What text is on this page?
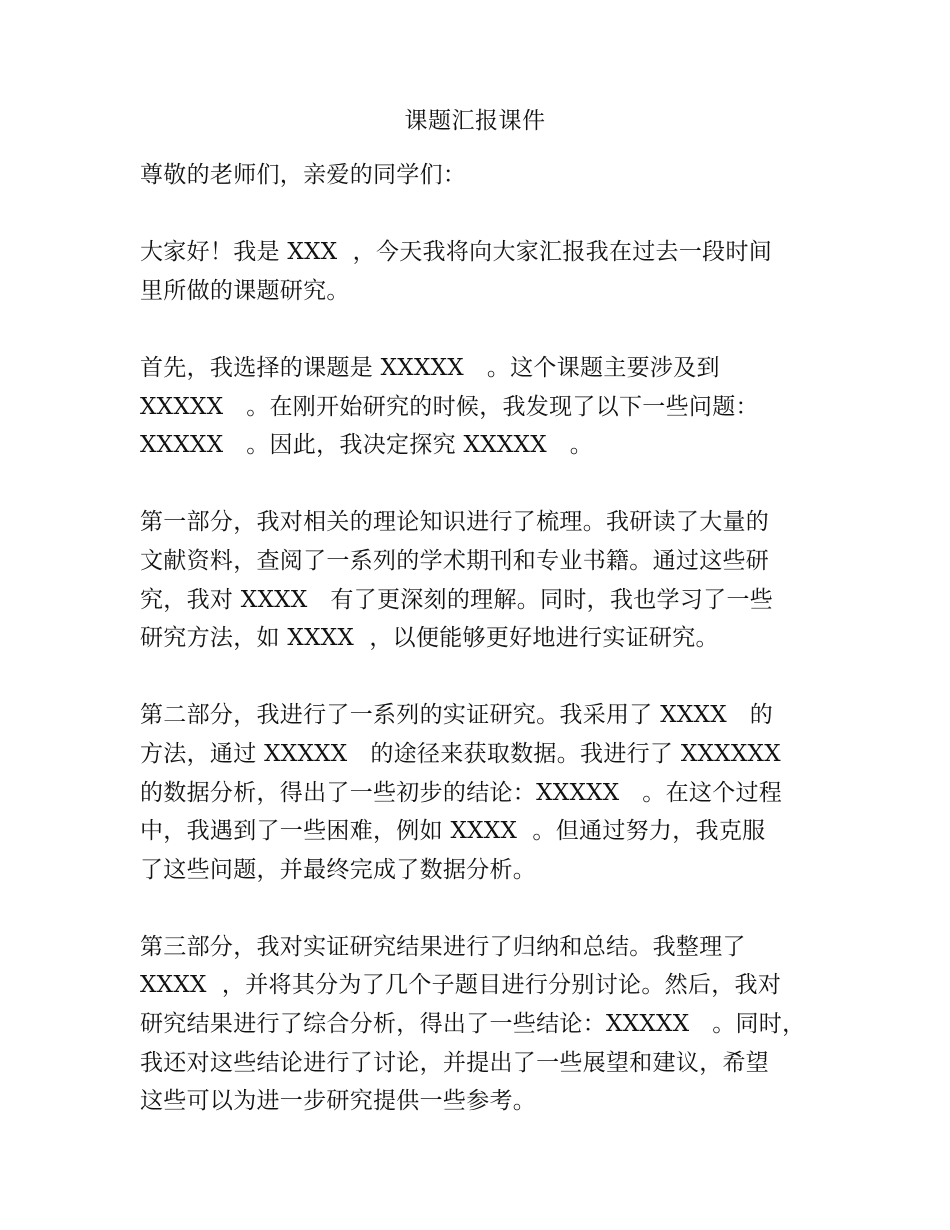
课题汇报课件
尊敬的老师们，亲爱的同学们：
大家好！我是 XXX  ，今天我将向大家汇报我在过去一段时间
里所做的课题研究。
首先，我选择的课题是 XXXXX   。这个课题主要涉及到
XXXXX   。在刚开始研究的时候，我发现了以下一些问题：
XXXXX   。因此，我决定探究 XXXXX   。
第一部分，我对相关的理论知识进行了梳理。我研读了大量的
文献资料，查阅了一系列的学术期刊和专业书籍。通过这些研
究，我对 XXXX   有了更深刻的理解。同时，我也学习了一些
研究方法，如 XXXX  ，以便能够更好地进行实证研究。
第二部分，我进行了一系列的实证研究。我采用了 XXXX   的
方法，通过 XXXXX   的途径来获取数据。我进行了 XXXXXX
的数据分析，得出了一些初步的结论：XXXXX   。在这个过程
中，我遇到了一些困难，例如 XXXX  。但通过努力，我克服
了这些问题，并最终完成了数据分析。
第三部分，我对实证研究结果进行了归纳和总结。我整理了
XXXX  ，并将其分为了几个子题目进行分别讨论。然后，我对
研究结果进行了综合分析，得出了一些结论：XXXXX   。同时，
我还对这些结论进行了讨论，并提出了一些展望和建议，希望
这些可以为进一步研究提供一些参考。
